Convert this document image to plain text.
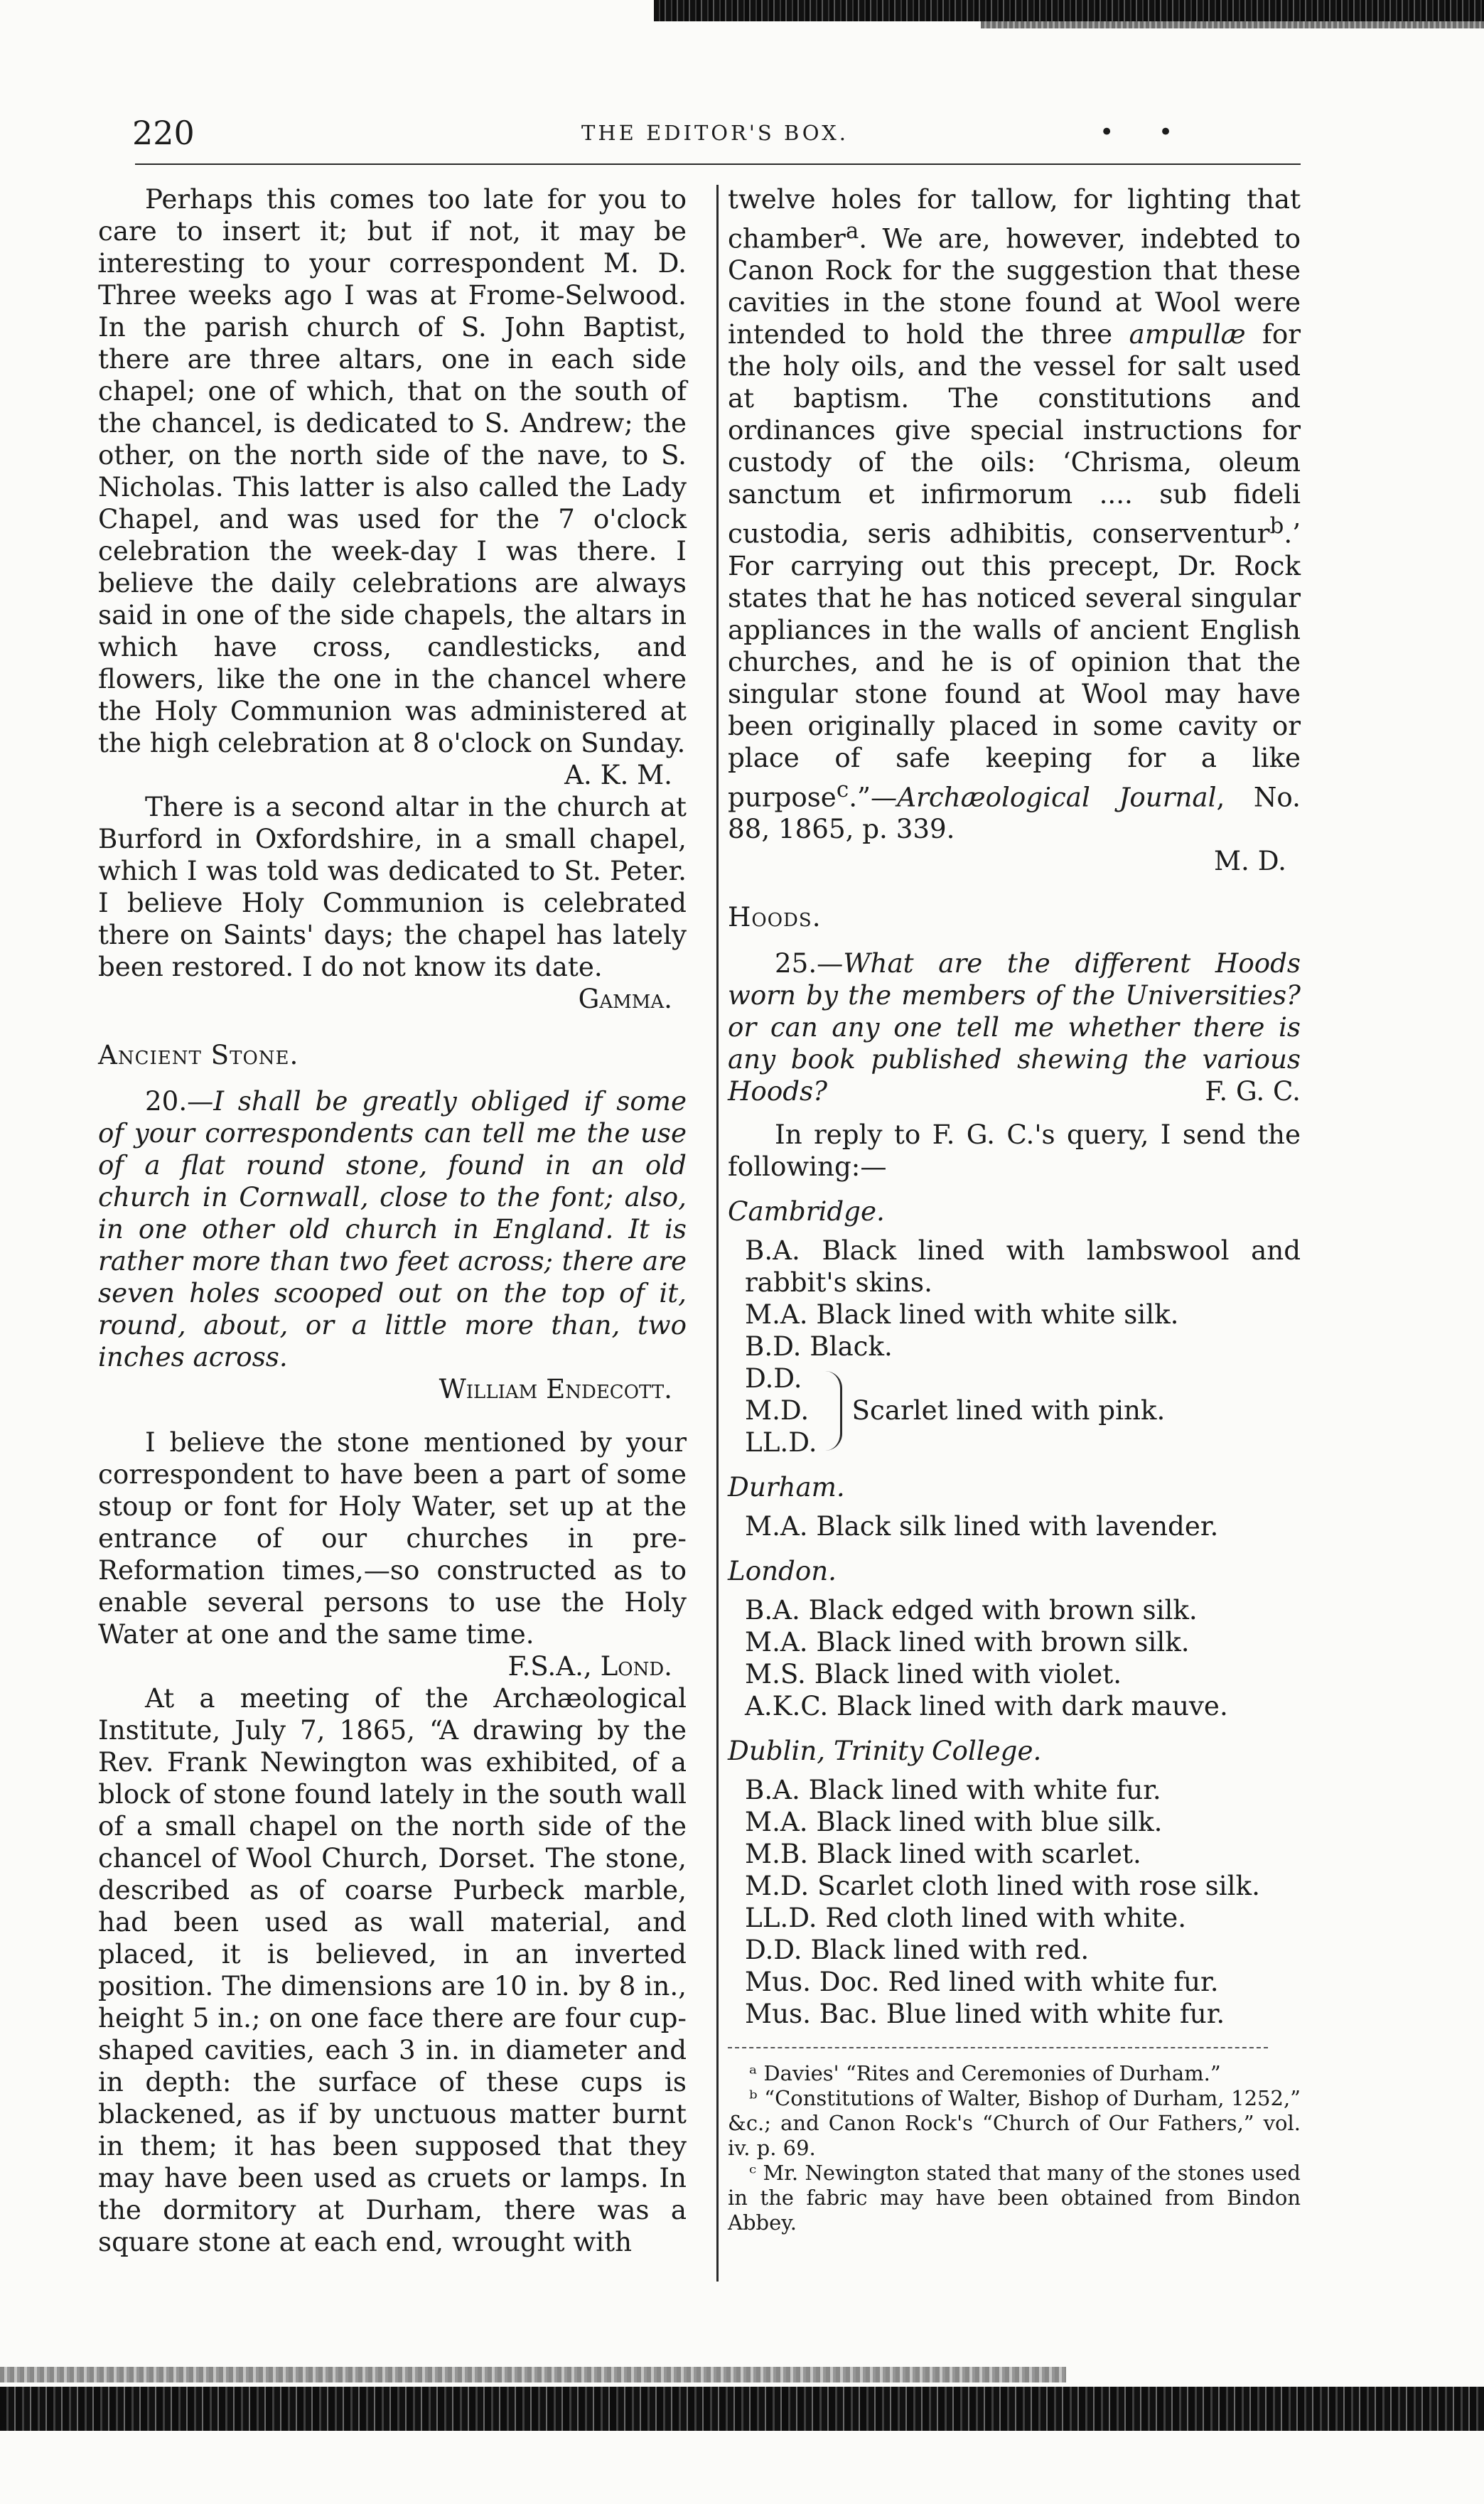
220	THE EDITOR'S BOX.	• •

Perhaps this comes too late for you to care to insert it; but if not, it may be interesting to your correspondent M. D. Three weeks ago I was at Frome-Selwood. In the parish church of S. John Baptist, there are three altars, one in each side chapel; one of which, that on the south of the chancel, is dedicated to S. Andrew; the other, on the north side of the nave, to S. Nicholas. This latter is also called the Lady Chapel, and was used for the 7 o'clock celebration the week-day I was there. I believe the daily celebrations are always said in one of the side chapels, the altars in which have cross, candlesticks, and flowers, like the one in the chancel where the Holy Communion was administered at the high celebration at 8 o'clock on Sunday.

A. K. M.

There is a second altar in the church at Burford in Oxfordshire, in a small chapel, which I was told was dedicated to St. Peter. I believe Holy Communion is celebrated there on Saints' days; the chapel has lately been restored. I do not know its date.

Gamma.

Ancient Stone.

20.—I shall be greatly obliged if some of your correspondents can tell me the use of a flat round stone, found in an old church in Cornwall, close to the font; also, in one other old church in England. It is rather more than two feet across; there are seven holes scooped out on the top of it, round, about, or a little more than, two inches across.

William Endecott.

I believe the stone mentioned by your correspondent to have been a part of some stoup or font for Holy Water, set up at the entrance of our churches in pre-Reformation times,—so constructed as to enable several persons to use the Holy Water at one and the same time.

F.S.A., Lond.

At a meeting of the Archæological Institute, July 7, 1865, “A drawing by the Rev. Frank Newington was exhibited, of a block of stone found lately in the south wall of a small chapel on the north side of the chancel of Wool Church, Dorset. The stone, described as of coarse Purbeck marble, had been used as wall material, and placed, it is believed, in an inverted position. The dimensions are 10 in. by 8 in., height 5 in.; on one face there are four cup-shaped cavities, each 3 in. in diameter and in depth: the surface of these cups is blackened, as if by unctuous matter burnt in them; it has been supposed that they may have been used as cruets or lamps. In the dormitory at Durham, there was a square stone at each end, wrought with

twelve holes for tallow, for lighting that chamber$^a$. We are, however, indebted to Canon Rock for the suggestion that these cavities in the stone found at Wool were intended to hold the three ampullæ for the holy oils, and the vessel for salt used at baptism. The constitutions and ordinances give special instructions for custody of the oils: ‘Chrisma, oleum sanctum et infirmorum .... sub fideli custodia, seris adhibitis, conserventur$^b$.’ For carrying out this precept, Dr. Rock states that he has noticed several singular appliances in the walls of ancient English churches, and he is of opinion that the singular stone found at Wool may have been originally placed in some cavity or place of safe keeping for a like purpose$^c$.”—Archæological Journal, No. 88, 1865, p. 339.

M. D.

Hoods.

25.—What are the different Hoods worn by the members of the Universities? or can any one tell me whether there is any book published shewing the various Hoods?	F. G. C.

In reply to F. G. C.'s query, I send the following:—

Cambridge.

B.A. Black lined with lambswool and rabbit's skins.

M.A. Black lined with white silk.

B.D. Black.

D.D.
M.D.
LL.D.
Scarlet lined with pink.

Durham.

M.A. Black silk lined with lavender.

London.

B.A. Black edged with brown silk.

M.A. Black lined with brown silk.

M.S. Black lined with violet.

A.K.C. Black lined with dark mauve.

Dublin, Trinity College.

B.A. Black lined with white fur.

M.A. Black lined with blue silk.

M.B. Black lined with scarlet.

M.D. Scarlet cloth lined with rose silk.

LL.D. Red cloth lined with white.

D.D. Black lined with red.

Mus. Doc. Red lined with white fur.

Mus. Bac. Blue lined with white fur.

ᵃ Davies' “Rites and Ceremonies of Durham.”

ᵇ “Constitutions of Walter, Bishop of Durham, 1252,” &c.; and Canon Rock's “Church of Our Fathers,” vol. iv. p. 69.

ᶜ Mr. Newington stated that many of the stones used in the fabric may have been obtained from Bindon Abbey.
